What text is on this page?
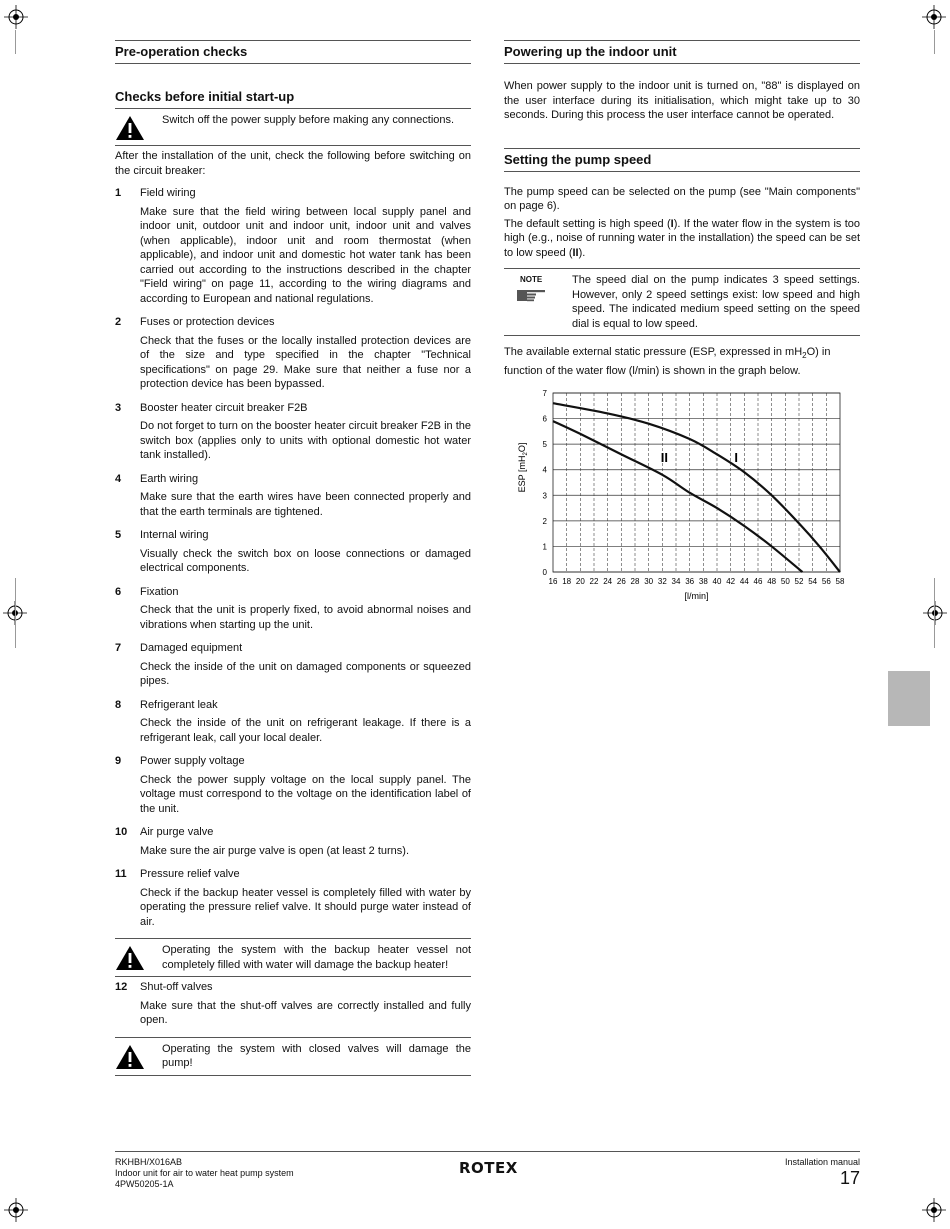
Pre-operation checks
Checks before initial start-up
Switch off the power supply before making any connections.

After the installation of the unit, check the following before switching on the circuit breaker:

1	Field wiring
Make sure that the field wiring between local supply panel and indoor unit, outdoor unit and indoor unit, indoor unit and valves (when applicable), indoor unit and room thermostat (when applicable), and indoor unit and domestic hot water tank has been carried out according to the instructions described in the chapter "Field wiring" on page 11, according to the wiring diagrams and according to European and national regulations.
2	Fuses or protection devices
Check that the fuses or the locally installed protection devices are of the size and type specified in the chapter "Technical specifications" on page 29. Make sure that neither a fuse nor a protection device has been bypassed.
3	Booster heater circuit breaker F2B
Do not forget to turn on the booster heater circuit breaker F2B in the switch box (applies only to units with optional domestic hot water tank installed).
4	Earth wiring
Make sure that the earth wires have been connected properly and that the earth terminals are tightened.
5	Internal wiring
Visually check the switch box on loose connections or damaged electrical components.
6	Fixation
Check that the unit is properly fixed, to avoid abnormal noises and vibrations when starting up the unit.
7	Damaged equipment
Check the inside of the unit on damaged components or squeezed pipes.
8	Refrigerant leak
Check the inside of the unit on refrigerant leakage. If there is a refrigerant leak, call your local dealer.
9	Power supply voltage
Check the power supply voltage on the local supply panel. The voltage must correspond to the voltage on the identification label of the unit.
10	Air purge valve
Make sure the air purge valve is open (at least 2 turns).
11	Pressure relief valve
Check if the backup heater vessel is completely filled with water by operating the pressure relief valve. It should purge water instead of air.
Operating the system with the backup heater vessel not completely filled with water will damage the backup heater!
12	Shut-off valves
Make sure that the shut-off valves are correctly installed and fully open.
Operating the system with closed valves will damage the pump!
Powering up the indoor unit

When power supply to the indoor unit is turned on, "88" is displayed on the user interface during its initialisation, which might take up to 30 seconds. During this process the user interface cannot be operated.

Setting the pump speed

The pump speed can be selected on the pump (see "Main components" on page 6).

The default setting is high speed (I). If the water flow in the system is too high (e.g., noise of running water in the installation) the speed can be set to low speed (II).

NOTE	The speed dial on the pump indicates 3 speed settings. However, only 2 speed settings exist: low speed and high speed. The indicated medium speed setting on the speed dial is equal to low speed.

The available external static pressure (ESP, expressed in $mH_2O$) in function of the water flow (l/min) is shown in the graph below.

16 18 20 22 24 26 28 30 32 34 36 38 40 42 44 46 48 50 52 54 56 58
0
1
2
3
4
5
6
7
[l/min]
ESP $[mH_2O]$
I
II
RKHBH/X016AB
Indoor unit for air to water heat pump system
4PW50205-1A
ROTEX	Installation manual
17
